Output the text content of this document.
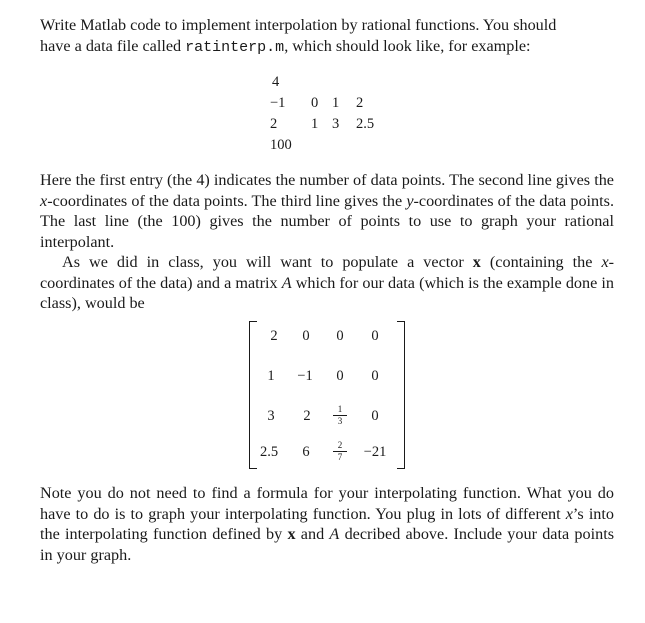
Write Matlab code to implement interpolation by rational functions. You should
have a data file called ratinterp.m, which should look like, for example:

4
−1 0 1 2
2 1 3 2.5
100

Here the first entry (the 4) indicates the number of data points. The second line gives the x-coordinates of the data points. The third line gives the y-coordinates of the data points. The last line (the 100) gives the number of points to use to graph your rational interpolant.

As we did in class, you will want to populate a vector x (containing the x-coordinates of the data) and a matrix A which for our data (which is the example done in class), would be

2	0	0	0
1	−1	0	0
3	2	$\frac{1}{3}$	0
2.5	6	$\frac{2}{7}$	−21

Note you do not need to find a formula for your interpolating function. What you do have to do is to graph your interpolating function. You plug in lots of different x’s into the interpolating function defined by x and A decribed above. Include your data points in your graph.
